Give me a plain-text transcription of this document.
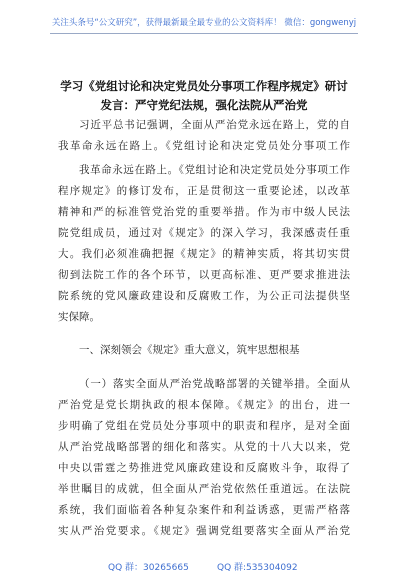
关注头条号“公文研究”，获得最新最全最专业的公文资料库！ 微信：gongwenyj
学习《党组讨论和决定党员处分事项工作程序规定》研讨
发言：严守党纪法规，强化法院从严治党
习近平总书记强调，全面从严治党永远在路上，党的自
我革命永远在路上。《党组讨论和决定党员处分事项工作
我革命永远在路上。《党组讨论和决定党员处分事项工作
程序规定》的修订发布，正是贯彻这一重要论述，以改革
精神和严的标准管党治党的重要举措。作为市中级人民法
院党组成员，通过对《规定》的深入学习，我深感责任重
大。我们必须准确把握《规定》的精神实质，将其切实贯
彻到法院工作的各个环节，以更高标准、更严要求推进法
院系统的党风廉政建设和反腐败工作，为公正司法提供坚
实保障。
一、深刻领会《规定》重大意义，筑牢思想根基
（一）落实全面从严治党战略部署的关键举措。全面从
严治党是党长期执政的根本保障。《规定》的出台，进一
步明确了党组在党员处分事项中的职责和程序，是对全面
从严治党战略部署的细化和落实。从党的十八大以来，党
中央以雷霆之势推进党风廉政建设和反腐败斗争，取得了
举世瞩目的成就，但全面从严治党依然任重道远。在法院
系统，我们面临着各种复杂案件和利益诱惑，更需严格落
实从严治党要求。《规定》强调党组要落实全面从严治党
QQ 群：30265665	QQ 群:535304092
